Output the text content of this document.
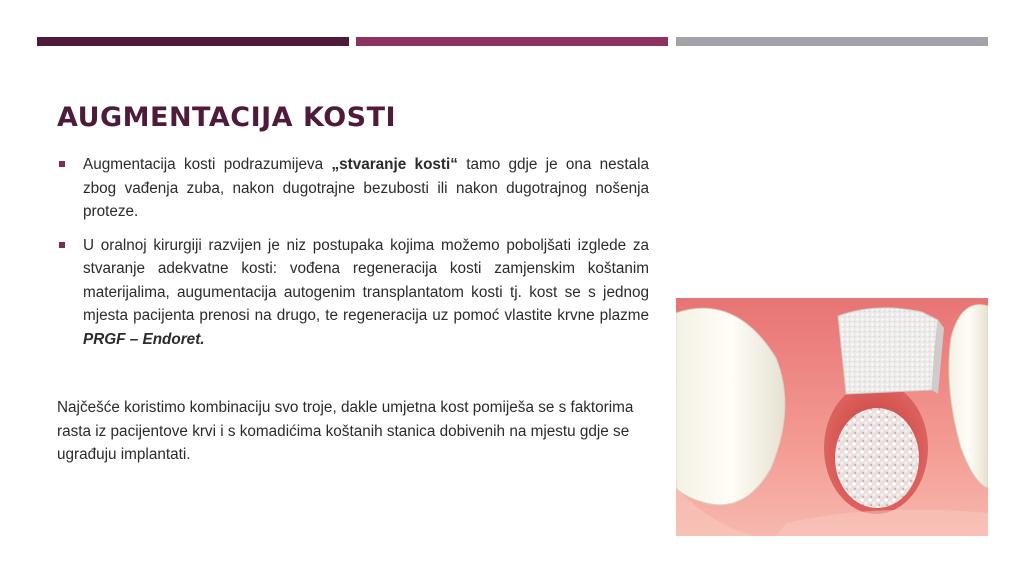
AUGMENTACIJA KOSTI
Augmentacija kosti podrazumijeva „stvaranje kosti“ tamo gdje je ona nestala zbog vađenja zuba, nakon dugotrajne bezubosti ili nakon dugotrajnog nošenja proteze.
U oralnoj kirurgiji razvijen je niz postupaka kojima možemo poboljšati izglede za stvaranje adekvatne kosti: vođena regeneracija kosti zamjenskim koštanim materijalima, augumentacija autogenim transplantatom kosti tj. kost se s jednog mjesta pacijenta prenosi na drugo, te regeneracija uz pomoć vlastite krvne plazme PRGF – Endoret.

Najčešće koristimo kombinaciju svo troje, dakle umjetna kost pomiješa se s faktorima rasta iz pacijentove krvi i s komadićima koštanih stanica dobivenih na mjestu gdje se ugrađuju implantati.
